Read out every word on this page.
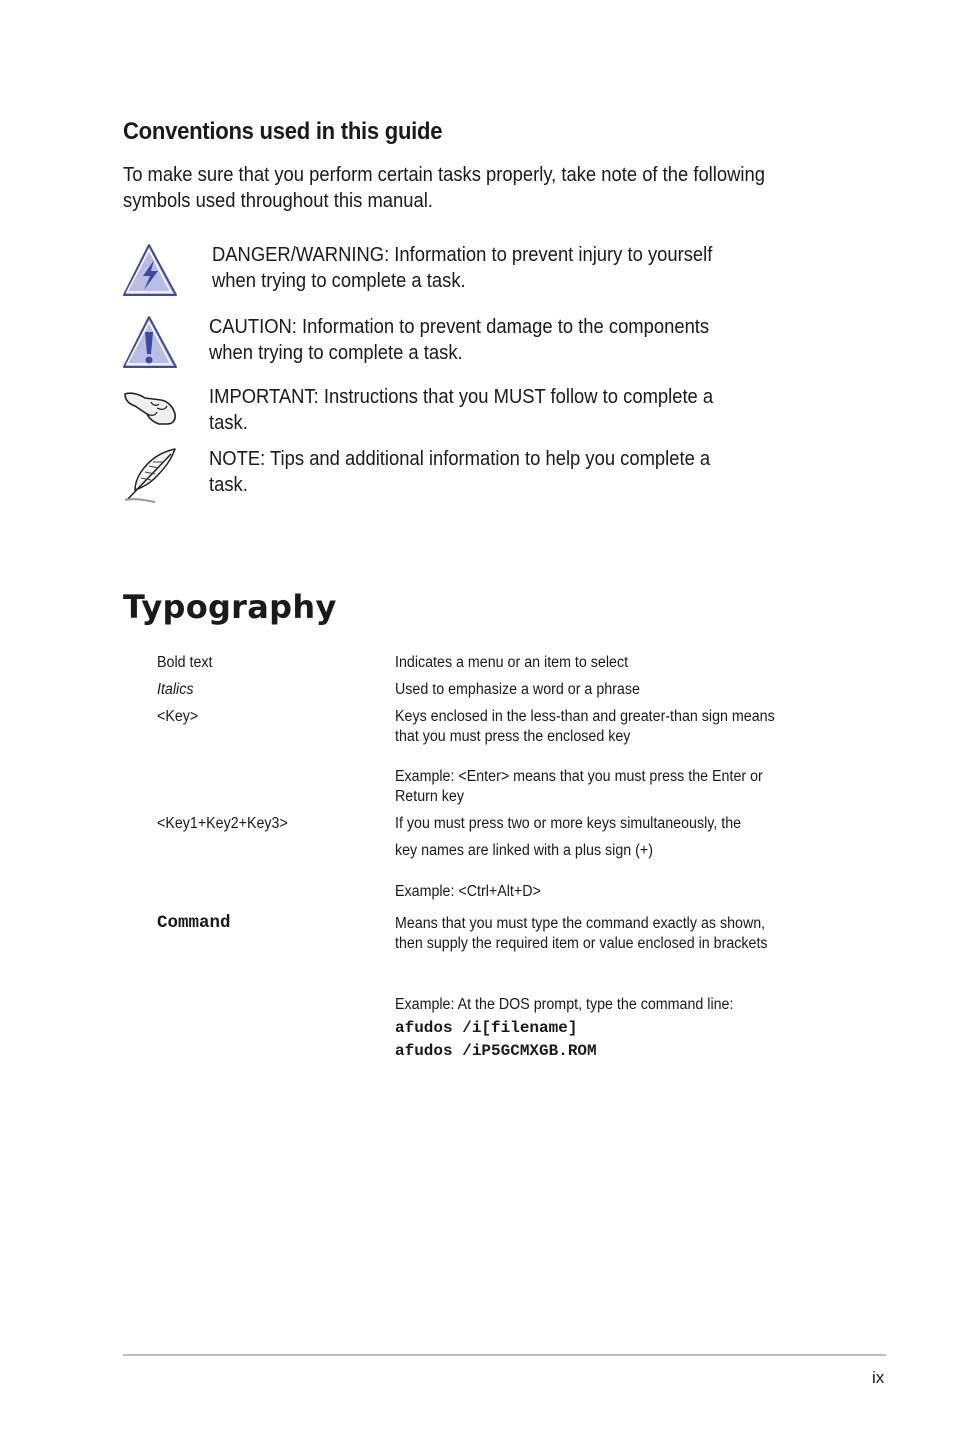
Conventions used in this guide
To make sure that you perform certain tasks properly, take note of the following symbols used throughout this manual.
DANGER/WARNING: Information to prevent injury to yourself when trying to complete a task.
CAUTION: Information to prevent damage to the components when trying to complete a task.
IMPORTANT: Instructions that you MUST follow to complete a task.
NOTE: Tips and additional information to help you complete a task.
Typography
Bold text	Indicates a menu or an item to select
Italics	Used to emphasize a word or a phrase
<Key>	Keys enclosed in the less-than and greater-than sign means that you must press the enclosed key
Example: <Enter> means that you must press the Enter or Return key
<Key1+Key2+Key3>	If you must press two or more keys simultaneously, the
key names are linked with a plus sign (+)
Example: <Ctrl+Alt+D>
Command	Means that you must type the command exactly as shown, then supply the required item or value enclosed in brackets
Example: At the DOS prompt, type the command line:
afudos /i[filename]
afudos /iP5GCMXGB.ROM
ix
